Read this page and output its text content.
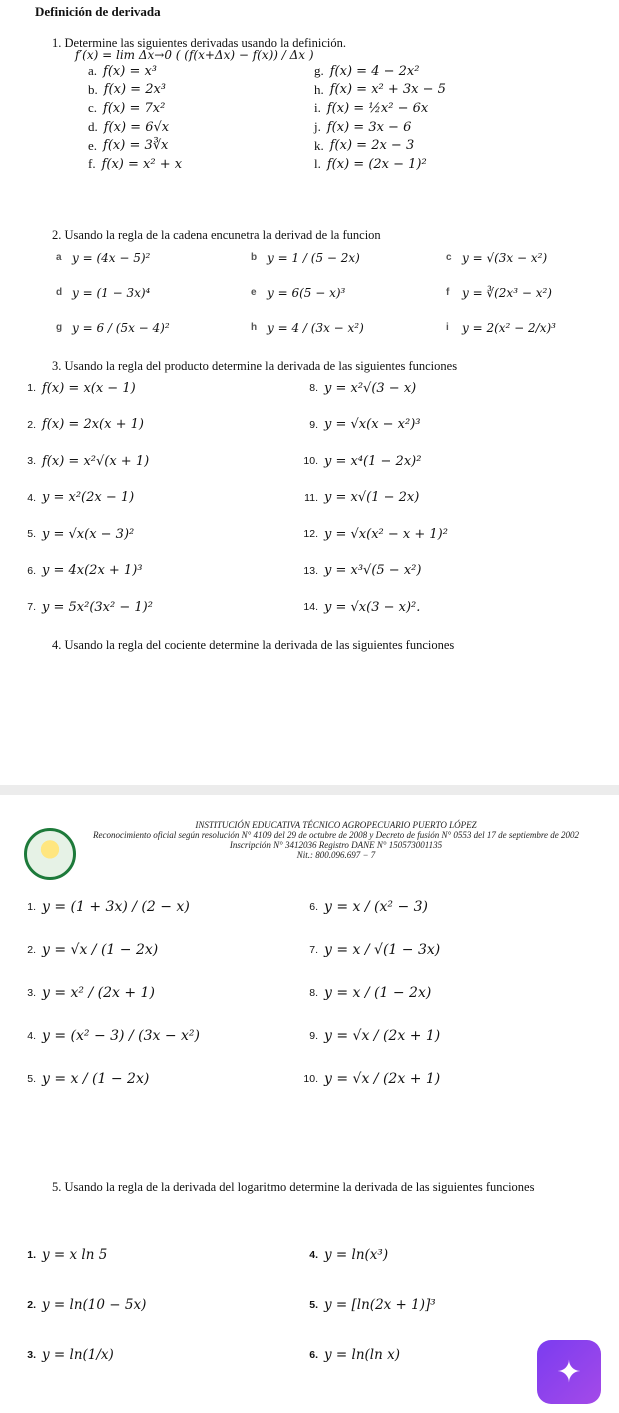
Definición de derivada
1. Determine las siguientes derivadas usando la definición.
f′(x) = lim Δx→0 ( (f(x+Δx) − f(x)) / Δx )
a. f(x) = x³
b. f(x) = 2x³
c. f(x) = 7x²
d. f(x) = 6√x
e. f(x) = 3∛x
f. f(x) = x² + x
g. f(x) = 4 − 2x²
h. f(x) = x² + 3x − 5
i. f(x) = ½x² − 6x
j. f(x) = 3x − 6
k. f(x) = 2x − 3
l. f(x) = (2x − 1)²
2. Usando la regla de la cadena encunetra la derivad de la funcion
a y = (4x − 5)²
d y = (1 − 3x)⁴
g y = 6 / (5x − 4)²
b y = 1 / (5 − 2x)
e y = 6(5 − x)³
h y = 4 / (3x − x²)
c y = √(3x − x²)
f	y = ∛(2x³ − x²)
i	y = 2(x² − 2/x)³
3. Usando la regla del producto determine la derivada de las siguientes funciones
1. f(x) = x(x − 1)
2. f(x) = 2x(x + 1)
3. f(x) = x²√(x + 1)
4. y = x²(2x − 1)
5. y = √x(x − 3)²
6. y = 4x(2x + 1)³
7. y = 5x²(3x² − 1)²
8. y = x²√(3 − x)
9. y = √x(x − x²)³
10. y = x⁴(1 − 2x)²
11. y = x√(1 − 2x)
12. y = √x(x² − x + 1)²
13. y = x³√(5 − x²)
14. y = √x(3 − x)².
4. Usando la regla del cociente determine la derivada de las siguientes funciones
INSTITUCIÓN EDUCATIVA TÉCNICO AGROPECUARIO PUERTO LÓPEZ
Reconocimiento oficial según resolución N° 4109 del 29 de octubre de 2008 y Decreto de fusión N° 0553 del 17 de septiembre de 2002 Inscripción N° 3412036 Registro DANE N° 150573001135
Nit.: 800.096.697 − 7
1. y = (1 + 3x) / (2 − x)
2. y = √x / (1 − 2x)
3. y = x² / (2x + 1)
4. y = (x² − 3) / (3x − x²)
5. y = x / (1 − 2x)
6. y = x / (x² − 3)
7. y = x / √(1 − 3x)
8. y = x / (1 − 2x)
9. y = √x / (2x + 1)
10. y = √x / (2x + 1)
5. Usando la regla de la derivada del logaritmo determine la derivada de las siguientes funciones
1. y = x ln 5
2. y = ln(10 − 5x)
3. y = ln(1/x)
4. y = ln(x³)
5. y = [ln(2x + 1)]³
6. y = ln(ln x)
✦
